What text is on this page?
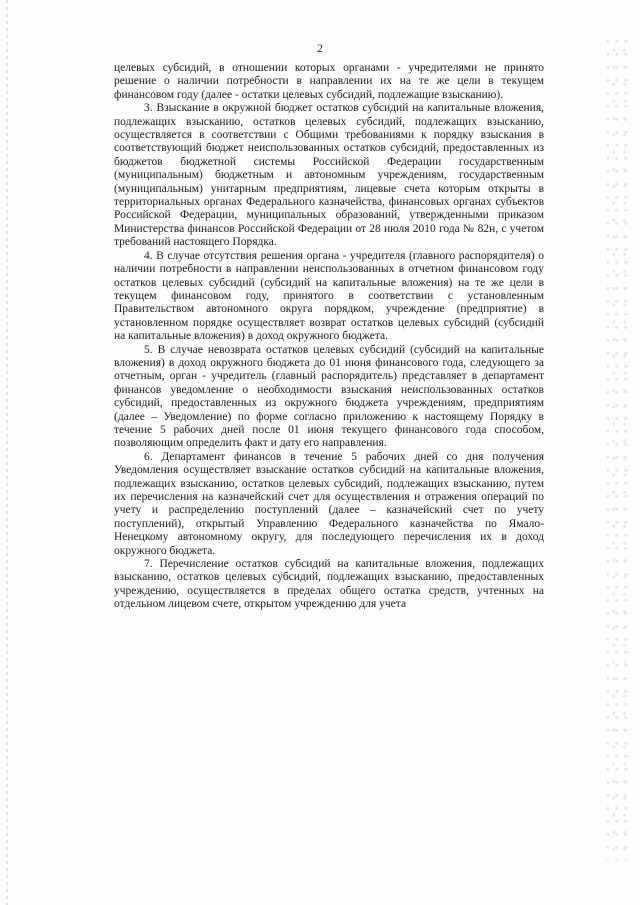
2

целевых субсидий, в отношении которых органами - учредителями не принято решение о наличии потребности в направлении их на те же цели в текущем финансовом году (далее - остатки целевых субсидий, подлежащие взысканию).

3. Взыскание в окружной бюджет остатков субсидий на капитальные вложения, подлежащих взысканию, остатков целевых субсидий, подлежащих взысканию, осуществляется в соответствии с Общими требованиями к порядку взыскания в соответствующий бюджет неиспользованных остатков субсидий, предоставленных из бюджетов бюджетной системы Российской Федерации государственным (муниципальным) бюджетным и автономным учреждениям, государственным (муниципальным) унитарным предприятиям, лицевые счета которым открыты в территориальных органах Федерального казначейства, финансовых органах субъектов Российской Федерации, муниципальных образований, утвержденными приказом Министерства финансов Российской Федерации от 28 июля 2010 года № 82н, с учетом требований настоящего Порядка.

4. В случае отсутствия решения органа - учредителя (главного распорядителя) о наличии потребности в направлении неиспользованных в отчетном финансовом году остатков целевых субсидий (субсидий на капитальные вложения) на те же цели в текущем финансовом году, принятого в соответствии с установленным Правительством автономного округа порядком, учреждение (предприятие) в установленном порядке осуществляет возврат остатков целевых субсидий (субсидий на капитальные вложения) в доход окружного бюджета.

5. В случае невозврата остатков целевых субсидий (субсидий на капитальные вложения) в доход окружного бюджета до 01 июня финансового года, следующего за отчетным, орган - учредитель (главный распорядитель) представляет в департамент финансов уведомление о необходимости взыскания неиспользованных остатков субсидий, предоставленных из окружного бюджета учреждениям, предприятиям (далее – Уведомление) по форме согласно приложению к настоящему Порядку в течение 5 рабочих дней после 01 июня текущего финансового года способом, позволяющим определить факт и дату его направления.

6. Департамент финансов в течение 5 рабочих дней со дня получения Уведомления осуществляет взыскание остатков субсидий на капитальные вложения, подлежащих взысканию, остатков целевых субсидий, подлежащих взысканию, путем их перечисления на казначейский счет для осуществления и отражения операций по учету и распределению поступлений (далее – казначейский счет по учету поступлений), открытый Управлению Федерального казначейства по Ямало-Ненецкому автономному округу, для последующего перечисления их в доход окружного бюджета.

7. Перечисление остатков субсидий на капитальные вложения, подлежащих взысканию, остатков целевых субсидий, подлежащих взысканию, предоставленных учреждению, осуществляется в пределах общего остатка средств, учтенных на отдельном лицевом счете, открытом учреждению для учета
